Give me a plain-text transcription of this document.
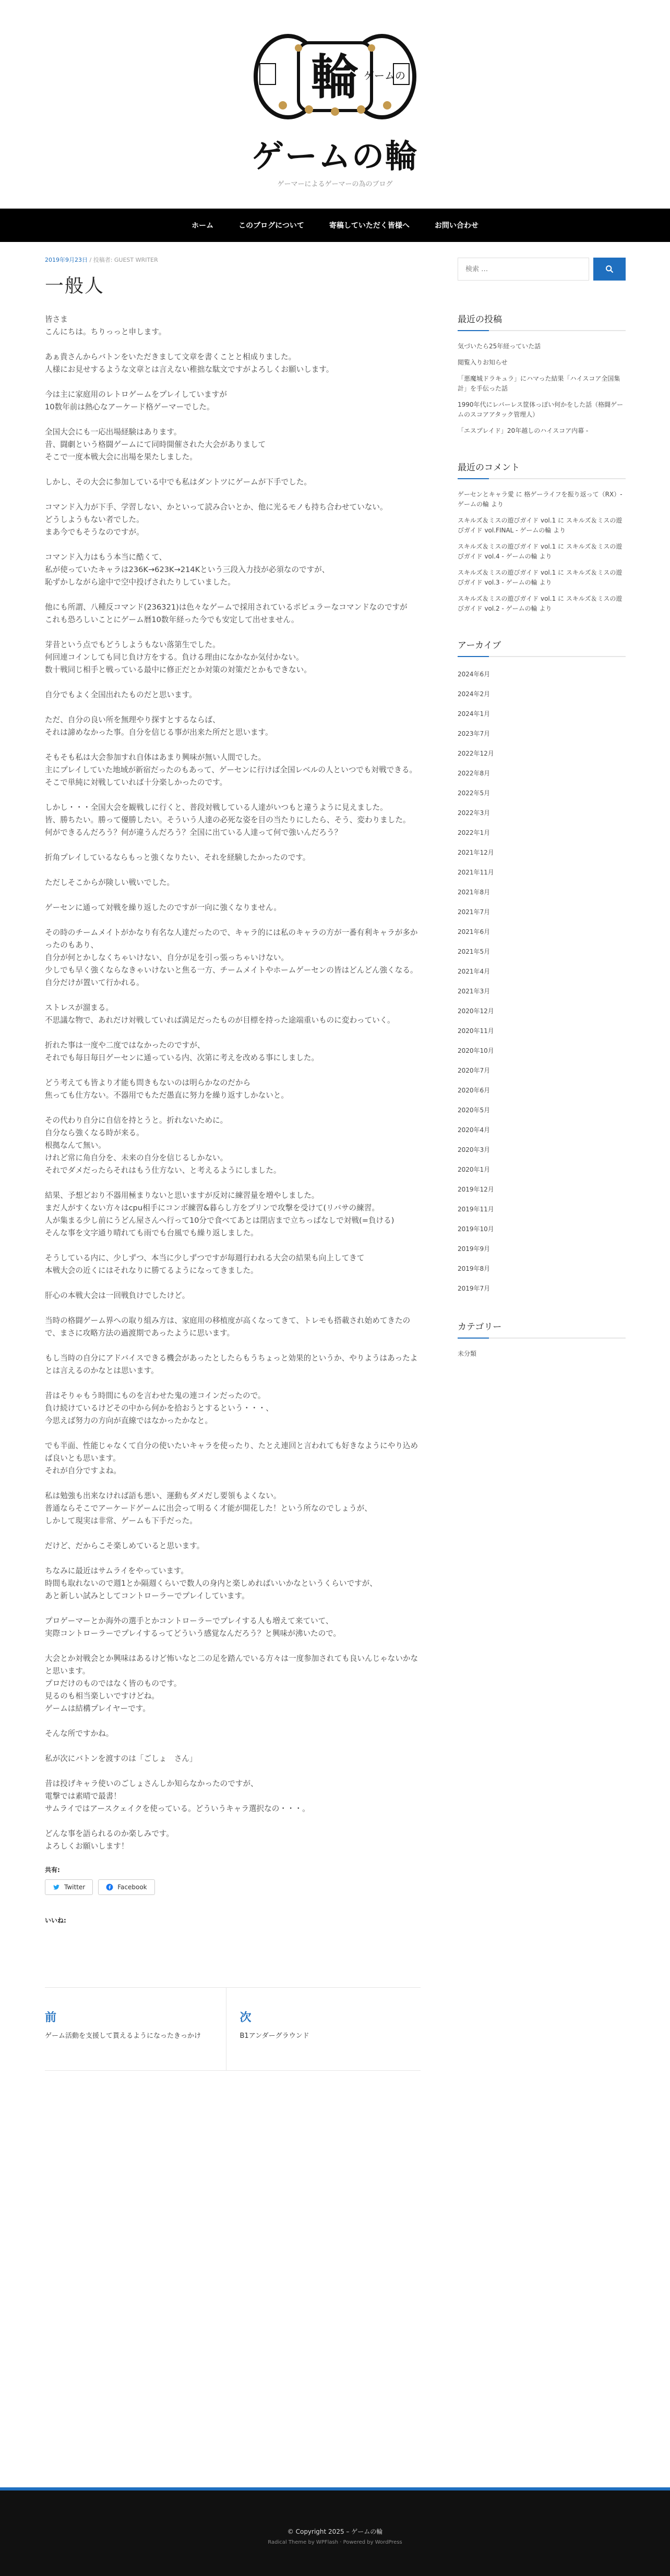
輪 ゲームの
ゲームの輪

ゲーマーによるゲーマーの為のブログ

ホーム	このブログについて	寄稿していただく皆様へ	お問い合わせ
2019年9月23日 / 投稿者: GUEST WRITER
一般人

皆さま
こんにちは。ちりっっと申します。

あぁ貴さんからバトンをいただきまして文章を書くことと相成りました。
人様にお見せするような文章とは言えない稚拙な駄文ですがよろしくお願いします。

今は主に家庭用のレトロゲームをプレイしていますが
10数年前は熱心なアーケード格ゲーマーでした。

全国大会にも一応出場経験はあります。
昔、闘劇という格闘ゲームにて同時開催された大会がありまして
そこで一度本戦大会に出場を果たしました。

しかし、その大会に参加している中でも私はダントツにゲームが下手でした。

コマンド入力が下手、学習しない、かといって読み合いとか、他に光るモノも持ち合わせていない。
どうしようもない者でした。
まあ今でもそうなのですが。

コマンド入力はもう本当に酷くて、
私が使っていたキャラは236K→623K→214Kという三段入力技が必須なのですが、
恥ずかしながら途中で空中投げされたりしていました。

他にも所謂、八種反コマンド(236321)は色々なゲームで採用されているポピュラーなコマンドなのですが
これも恐ろしいことにゲーム暦10数年経った今でも安定して出せません。

芽昔という点でもどうしようもない落第生でした。
何回連コインしても同じ負け方をする。負ける理由になかなか気付かない。
数十戦同じ相手と戦っている最中に修正だとか対策の対策だとかもできない。

自分でもよく全国出れたものだと思います。

ただ、自分の良い所を無理やり探すとするならば、
それは諦めなかった事。自分を信じる事が出来た所だと思います。

そもそも私は大会参加すれ自体はあまり興味が無い人間でした。
主にプレイしていた地域が新宿だったのもあって、ゲーセンに行けば全国レベルの人といつでも対戦できる。
そこで単純に対戦していれば十分楽しかったのです。

しかし・・・全国大会を観戦しに行くと、普段対戦している人達がいつもと違うように見えました。
皆、勝ちたい。勝って優勝したい。そういう人達の必死な姿を目の当たりにしたら、そう、変わりました。
何ができるんだろう？何が違うんだろう？全国に出ている人達って何で強いんだろう？

折角プレイしているならもっと強くなりたい、それを経験したかったのです。

ただしそこからが険しい戦いでした。

ゲーセンに通って対戦を繰り返したのですが一向に強くなりません。

その時のチームメイトがかなり有名な人達だったので、キャラ的には私のキャラの方が一番有利キャラが多かったのもあり、
自分が何とかしなくちゃいけない、自分が足を引っ張っちゃいけない。
少しでも早く強くならなきゃいけないと焦る一方、チームメイトやホームゲーセンの皆はどんどん強くなる。
自分だけが置いて行かれる。

ストレスが溜まる。
不思議な物で、あれだけ対戦していれば満足だったものが目標を持った途端重いものに変わっていく。

折れた事は一度や二度ではなかったのですが、
それでも毎日毎日ゲーセンに通っている内、次第に考えを改める事にしました。

どう考えても皆より才能も問きもないのは明らかなのだから
焦っても仕方ない。不器用でもただ愚直に努力を繰り返すしかないと。

その代わり自分に自信を持とうと。折れないために。
自分なら強くなる時が来る。
根拠なんて無い。
けれど常に角自分を、未来の自分を信じるしかない。
それでダメだったらそれはもう仕方ない、と考えるようにしました。

結果、予想どおり不器用極まりないと思いますが反対に練習量を増やしました。
まだ人がすくない方々はcpu相手にコンボ練習&暮らし方をプリンで攻撃を受けて(リバサの練習。
人が集まる少し前にうどん屋さんへ行って10分で食べてあとは閉店まで立ちっぱなしで対戦(=負ける)
そんな事を文字通り晴れても雨でも台風でも繰り返しました。

そうしている内に、少しずつ、本当に少しずつですが毎週行われる大会の結果も向上してきて
本戦大会の近くにはそれなりに勝てるようになってきました。

肝心の本戦大会は一回戦負けでしたけど。

当時の格闘ゲーム界への取り組み方は、家庭用の移植度が高くなってきて、トレモも搭載され始めてきたので、まさに攻略方法の過渡期であったように思います。

もし当時の自分にアドバイスできる機会があったとしたらもうちょっと効果的というか、やりようはあったよとは言えるのかなとは思います。

昔はそりゃもう時間にものを言わせた鬼の連コインだったので。
負け続けているけどその中から何かを拾おうとするという・・・、
今思えば努力の方向が直線ではなかったかなと。

でも半面、性能じゃなくて自分の使いたいキャラを使ったり、たとえ連回と言われても好きなようにやり込めば良いとも思います。
それが自分ですよね。

私は勉強も出来なければ語も悪い、運動もダメだし要領もよくない。
普通ならそこでアーケードゲームに出会って明るく才能が開花した！という所なのでしょうが、
しかして現実は非常、ゲームも下手だった。

だけど、だからこそ楽しめていると思います。

ちなみに最近はサムライをやっています。
時間も取れないので週1とか隔週くらいで数人の身内と楽しめればいいかなというくらいですが、
あと新しい試みとしてコントローラーでプレイしています。

プロゲーマーとか海外の選手とかコントローラーでプレイする人も増えて来ていて、
実際コントローラーでプレイするってどういう感覚なんだろう？と興味が沸いたので。

大会とか対戦会とか興味はあるけど怖いなと二の足を踏んでいる方々は一度参加されても良いんじゃないかなと思います。
プロだけのものではなく皆のものです。
見るのも相当楽しいですけどね。
ゲームは結構プレイヤーです。

そんな所ですかね。

私が次にバトンを渡すのは「ごしょ　さん」

昔は投げキャラ使いのごしょさんしか知らなかったのですが、
電撃では素晴で最書！
サムライではアースクェイクを使っている。どういうキャラ選択なの・・・。

どんな事を語られるのか楽しみです。
よろしくお願いします！

共有:
Twitter	Facebook
いいね:
前
ゲーム活動を支援して貰えるようになったきっかけ
次
B1アンダーグラウンド
検索 …
最近の投稿
気づいたら25年経っていた話
閲覧入りお知らせ
「悪魔城ドラキュラ」にハマった結果「ハイスコア全国集計」を手伝った話
1990年代にレバーレス筐体っぽい何かをした話（格闘ゲームのスコアアタック管理人）
「エスプレイド」20年越しのハイスコア内幕 -
最近のコメント
ゲーセンとキャラ愛 に 格ゲーライフを振り返って（RX）- ゲームの輪 より
スキルズ＆ミスの遊びガイド vol.1 に スキルズ＆ミスの遊びガイド vol.FINAL - ゲームの輪 より
スキルズ＆ミスの遊びガイド vol.1 に スキルズ＆ミスの遊びガイド vol.4 - ゲームの輪 より
スキルズ＆ミスの遊びガイド vol.1 に スキルズ＆ミスの遊びガイド vol.3 - ゲームの輪 より
スキルズ＆ミスの遊びガイド vol.1 に スキルズ＆ミスの遊びガイド vol.2 - ゲームの輪 より
アーカイブ
2024年6月
2024年2月
2024年1月
2023年7月
2022年12月
2022年8月
2022年5月
2022年3月
2022年1月
2021年12月
2021年11月
2021年8月
2021年7月
2021年6月
2021年5月
2021年4月
2021年3月
2020年12月
2020年11月
2020年10月
2020年7月
2020年6月
2020年5月
2020年4月
2020年3月
2020年1月
2019年12月
2019年11月
2019年10月
2019年9月
2019年8月
2019年7月
カテゴリー
未分類
© Copyright 2025 – ゲームの輪
Radical Theme by WPFlash · Powered by WordPress
